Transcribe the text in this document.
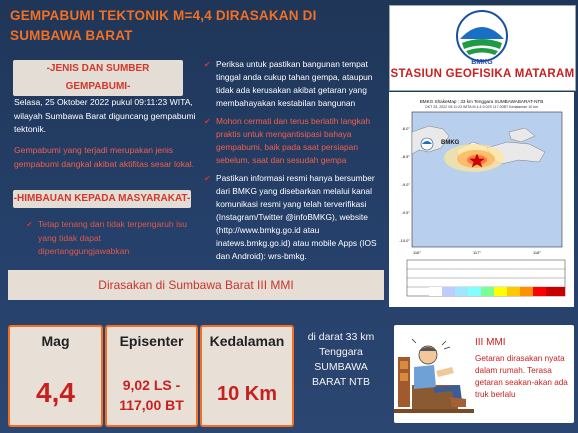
GEMPABUMI TEKTONIK M=4,4 DIRASAKAN DI SUMBAWA BARAT
-JENIS DAN SUMBER GEMPABUMI-
Selasa, 25 Oktober 2022 pukul 09:11:23 WITA, wilayah Sumbawa Barat diguncang gempabumi tektonik.
Gempabumi yang terjadi merupakan jenis gempabumi dangkal akibat aktifitas sesar lokal.
-HIMBAUAN KEPADA MASYARAKAT-
✔ Tetap tenang dan tidak terpengaruh isu yang tidak dapat dipertanggungjawabkan
✔ Periksa untuk pastikan bangunan tempat tinggal anda cukup tahan gempa, ataupun tidak ada kerusakan akibat getaran yang membahayakan kestabilan bangunan
✔ Mohon cermati dan terus berlatih langkah praktis untuk mengantisipasi bahaya gempabumi, baik pada saat persiapan sebelum, saat dan sesudah gempa
✔ Pastikan informasi resmi hanya bersumber dari BMKG yang disebarkan melalui kanal komunikasi resmi yang telah terverifikasi (Instagram/Twitter @infoBMKG), website (http://www.bmkg.go.id atau inatews.bmkg.go.id) atau mobile Apps (IOS dan Android): wrs-bmkg.
Dirasakan di Sumbawa Barat III MMI
BMKG
STASIUN GEOFISIKA MATARAM
BMKG ShakeMap : 33 km Tenggara SUMBAWABARAT-NTB
OKT 25, 2022 09:11:23 WITA M 4.4 9.02S 117.00BT Kedalaman 10 km
-8.0°
-8.5°
-9.0°
-9.5°
-10.0°
116°	117°	118°
BMKG
Mag
4,4
Episenter
9,02 LS -
117,00 BT
Kedalaman
10 Km
di darat 33 km Tenggara SUMBAWA BARAT NTB
III MMI
Getaran dirasakan nyata dalam rumah. Terasa getaran seakan-akan ada truk berlalu
